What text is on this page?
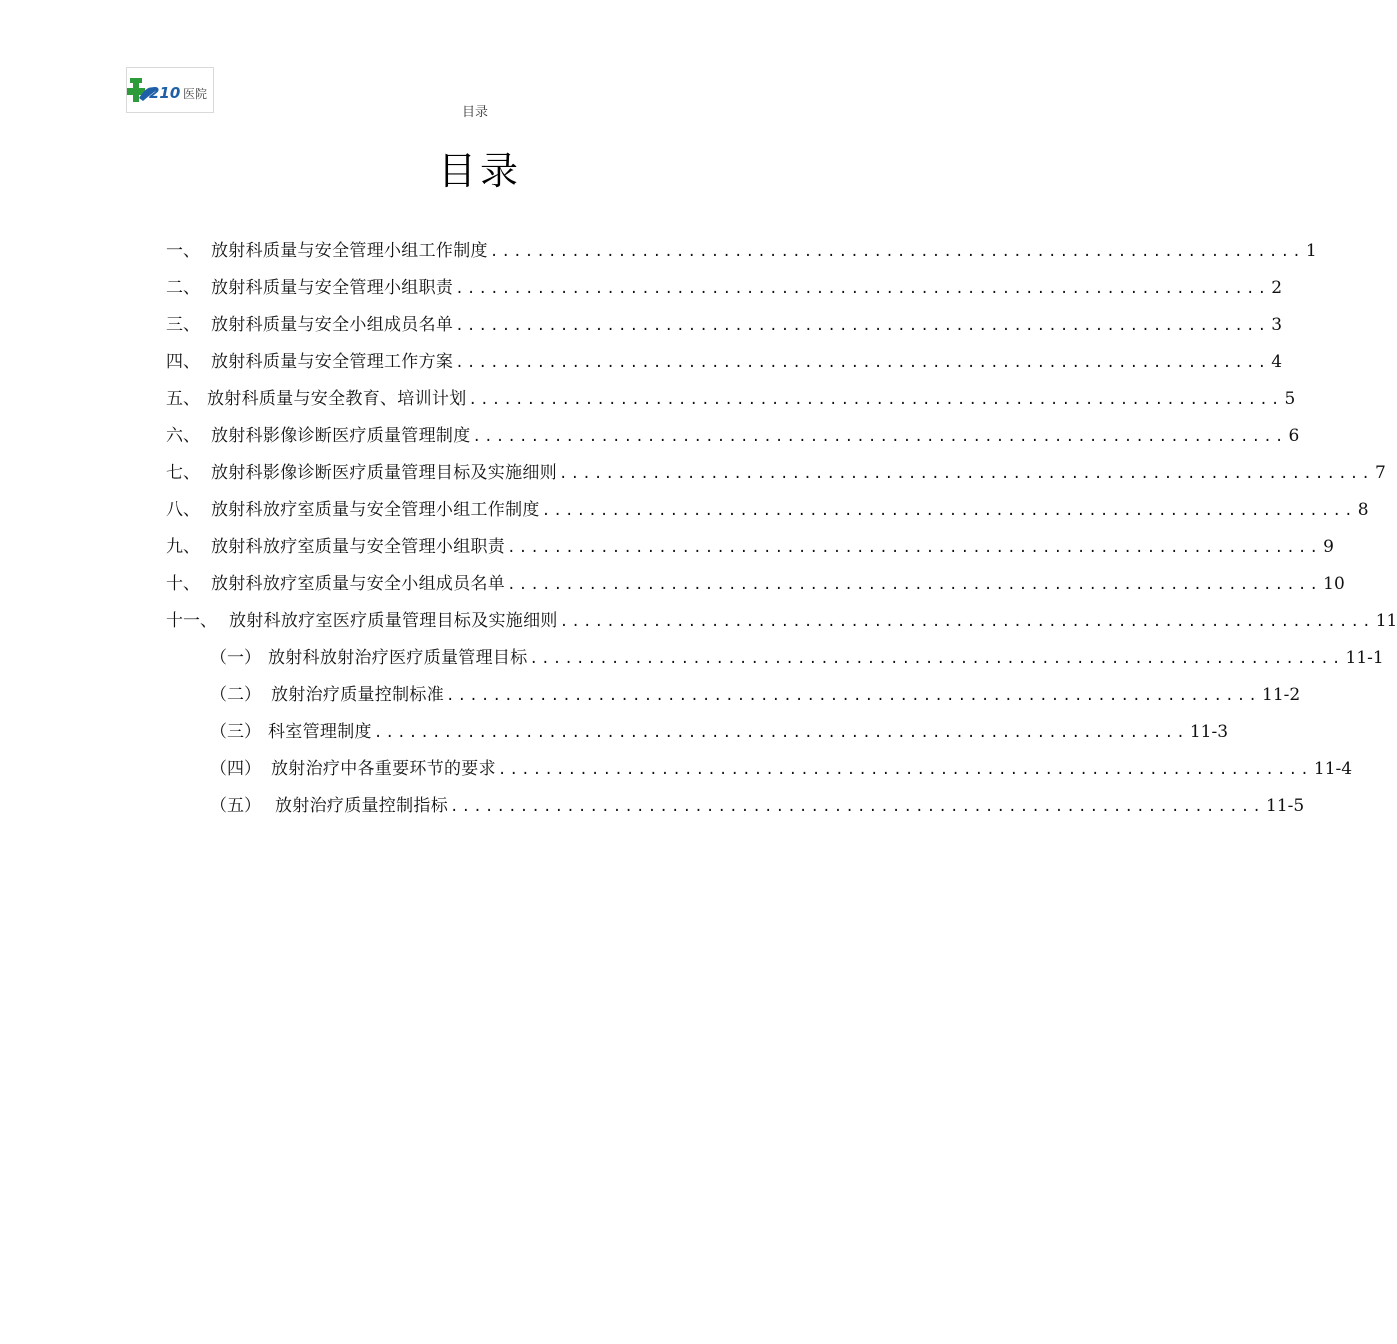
210 医院
目录
目录
一、 放射科质量与安全管理小组工作制度 ...................................................................... 1
二、 放射科质量与安全管理小组职责 ...................................................................... 2
三、 放射科质量与安全小组成员名单 ...................................................................... 3
四、 放射科质量与安全管理工作方案 ...................................................................... 4
五、 放射科质量与安全教育、培训计划 ...................................................................... 5
六、 放射科影像诊断医疗质量管理制度 ...................................................................... 6
七、 放射科影像诊断医疗质量管理目标及实施细则 ...................................................................... 7
八、 放射科放疗室质量与安全管理小组工作制度 ...................................................................... 8
九、 放射科放疗室质量与安全管理小组职责 ...................................................................... 9
十、 放射科放疗室质量与安全小组成员名单 ...................................................................... 10
十一、 放射科放疗室医疗质量管理目标及实施细则 ...................................................................... 11
（一） 放射科放射治疗医疗质量管理目标 ...................................................................... 11-1
（二） 放射治疗质量控制标准 ...................................................................... 11-2
（三） 科室管理制度 ...................................................................... 11-3
（四） 放射治疗中各重要环节的要求 ...................................................................... 11-4
（五） 放射治疗质量控制指标 ...................................................................... 11-5
